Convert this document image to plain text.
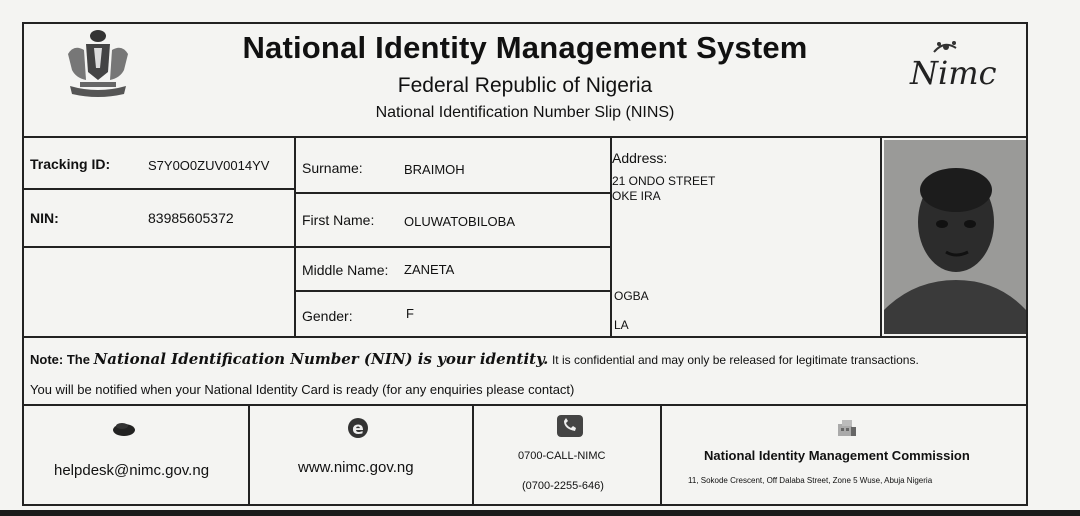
National Identity Management System
Federal Republic of Nigeria
National Identification Number Slip (NINS)
Nimc
Tracking ID:	S7Y0O0ZUV0014YV
NIN:	83985605372
Surname:	BRAIMOH
First Name: OLUWATOBILOBA
Middle Name: ZANETA
Gender:	F
Address:
21 ONDO STREET
OKE IRA
OGBA
LA
Note: The National Identification Number (NIN) is your identity. It is confidential and may only be released for legitimate transactions.
You will be notified when your National Identity Card is ready (for any enquiries please contact)
helpdesk@nimc.gov.ng
e
www.nimc.gov.ng
0700-CALL-NIMC
(0700-2255-646)
National Identity Management Commission
11, Sokode Crescent, Off Dalaba Street, Zone 5 Wuse, Abuja Nigeria
